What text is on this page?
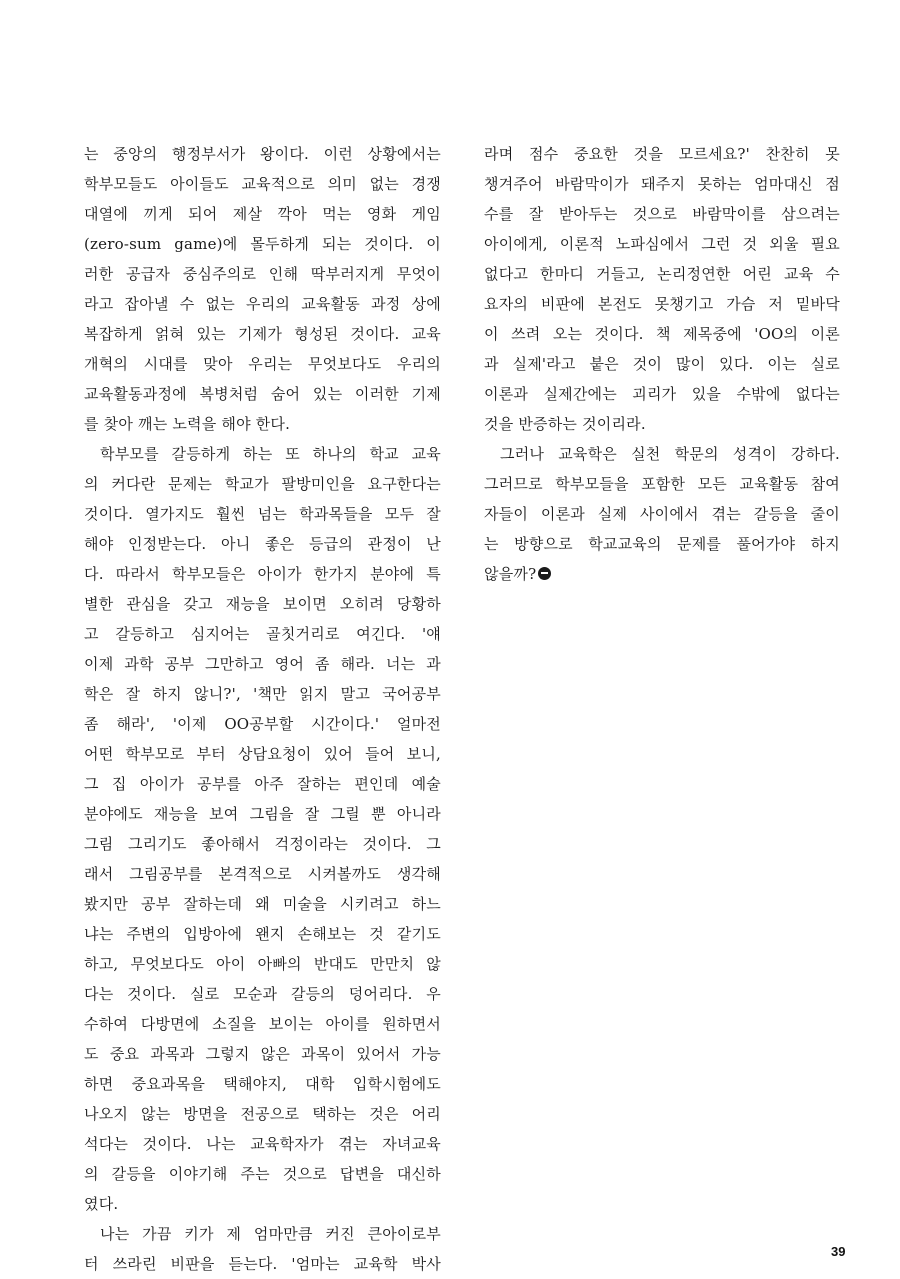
는 중앙의 행정부서가 왕이다. 이런 상황에서는
학부모들도 아이들도 교육적으로 의미 없는 경쟁
대열에 끼게 되어 제살 깍아 먹는 영화 게임
(zero-sum game)에 몰두하게 되는 것이다. 이
러한 공급자 중심주의로 인해 딱부러지게 무엇이
라고 잡아낼 수 없는 우리의 교육활동 과정 상에
복잡하게 얽혀 있는 기제가 형성된 것이다. 교육
개혁의 시대를 맞아 우리는 무엇보다도 우리의
교육활동과정에 복병처럼 숨어 있는 이러한 기제
를 찾아 깨는 노력을 해야 한다.
학부모를 갈등하게 하는 또 하나의 학교 교육
의 커다란 문제는 학교가 팔방미인을 요구한다는
것이다. 열가지도 훨씬 넘는 학과목들을 모두 잘
해야 인정받는다. 아니 좋은 등급의 관정이 난
다. 따라서 학부모들은 아이가 한가지 분야에 특
별한 관심을 갖고 재능을 보이면 오히려 당황하
고 갈등하고 심지어는 골칫거리로 여긴다. '얘
이제 과학 공부 그만하고 영어 좀 해라. 너는 과
학은 잘 하지 않니?', '책만 읽지 말고 국어공부
좀 해라', '이제 OO공부할 시간이다.' 얼마전
어떤 학부모로 부터 상담요청이 있어 들어 보니,
그 집 아이가 공부를 아주 잘하는 편인데 예술
분야에도 재능을 보여 그림을 잘 그릴 뿐 아니라
그림 그리기도 좋아해서 걱정이라는 것이다. 그
래서 그림공부를 본격적으로 시켜볼까도 생각해
봤지만 공부 잘하는데 왜 미술을 시키려고 하느
냐는 주변의 입방아에 왠지 손해보는 것 같기도
하고, 무엇보다도 아이 아빠의 반대도 만만치 않
다는 것이다. 실로 모순과 갈등의 덩어리다. 우
수하여 다방면에 소질을 보이는 아이를 원하면서
도 중요 과목과 그렇지 않은 과목이 있어서 가능
하면 중요과목을 택해야지, 대학 입학시험에도
나오지 않는 방면을 전공으로 택하는 것은 어리
석다는 것이다. 나는 교육학자가 겪는 자녀교육
의 갈등을 이야기해 주는 것으로 답변을 대신하
였다.
나는 가끔 키가 제 엄마만큼 커진 큰아이로부
터 쓰라린 비판을 듣는다. '엄마는 교육학 박사
라며 점수 중요한 것을 모르세요?' 찬찬히 못
챙겨주어 바람막이가 돼주지 못하는 엄마대신 점
수를 잘 받아두는 것으로 바람막이를 삼으려는
아이에게, 이론적 노파심에서 그런 것 외울 필요
없다고 한마디 거들고, 논리정연한 어린 교육 수
요자의 비판에 본전도 못챙기고 가슴 저 밑바닥
이 쓰려 오는 것이다. 책 제목중에 'OO의 이론
과 실제'라고 붙은 것이 많이 있다. 이는 실로
이론과 실제간에는 괴리가 있을 수밖에 없다는
것을 반증하는 것이리라.
그러나 교육학은 실천 학문의 성격이 강하다.
그러므로 학부모들을 포함한 모든 교육활동 참여
자들이 이론과 실제 사이에서 겪는 갈등을 줄이
는 방향으로 학교교육의 문제를 풀어가야 하지
않을까?
39
